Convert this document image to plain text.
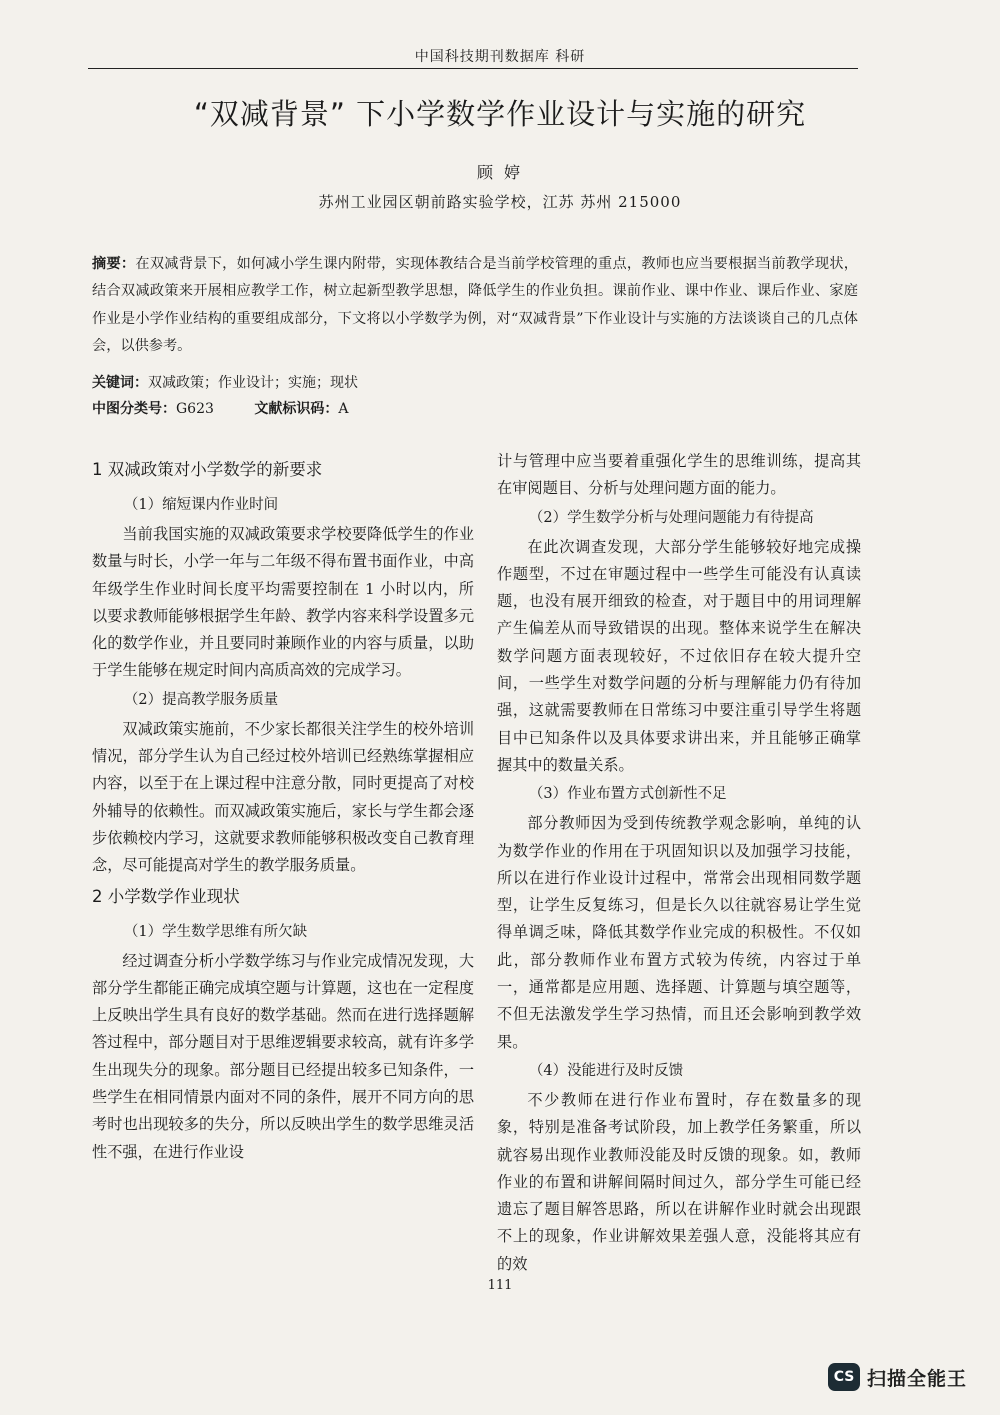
中国科技期刊数据库 科研
“双减背景” 下小学数学作业设计与实施的研究
顾 婷
苏州工业园区朝前路实验学校，江苏 苏州 215000

摘要：在双减背景下，如何减小学生课内附带，实现体教结合是当前学校管理的重点，教师也应当要根据当前教学现状，结合双减政策来开展相应教学工作，树立起新型教学思想，降低学生的作业负担。课前作业、课中作业、课后作业、家庭作业是小学作业结构的重要组成部分，下文将以小学数学为例，对“双减背景”下作业设计与实施的方法谈谈自己的几点体会，以供参考。

关键词：双减政策；作业设计；实施；现状
中图分类号：G623	文献标识码：A

1 双减政策对小学数学的新要求

（1）缩短课内作业时间

当前我国实施的双减政策要求学校要降低学生的作业数量与时长，小学一年与二年级不得布置书面作业，中高年级学生作业时间长度平均需要控制在 1 小时以内，所以要求教师能够根据学生年龄、教学内容来科学设置多元化的数学作业，并且要同时兼顾作业的内容与质量，以助于学生能够在规定时间内高质高效的完成学习。

（2）提高教学服务质量

双减政策实施前，不少家长都很关注学生的校外培训情况，部分学生认为自己经过校外培训已经熟练掌握相应内容，以至于在上课过程中注意分散，同时更提高了对校外辅导的依赖性。而双减政策实施后，家长与学生都会逐步依赖校内学习，这就要求教师能够积极改变自己教育理念，尽可能提高对学生的教学服务质量。

2 小学数学作业现状

（1）学生数学思维有所欠缺

经过调查分析小学数学练习与作业完成情况发现，大部分学生都能正确完成填空题与计算题，这也在一定程度上反映出学生具有良好的数学基础。然而在进行选择题解答过程中，部分题目对于思维逻辑要求较高，就有许多学生出现失分的现象。部分题目已经提出较多已知条件，一些学生在相同情景内面对不同的条件，展开不同方向的思考时也出现较多的失分，所以反映出学生的数学思维灵活性不强，在进行作业设

计与管理中应当要着重强化学生的思维训练，提高其在审阅题目、分析与处理问题方面的能力。

（2）学生数学分析与处理问题能力有待提高

在此次调查发现，大部分学生能够较好地完成操作题型，不过在审题过程中一些学生可能没有认真读题，也没有展开细致的检查，对于题目中的用词理解产生偏差从而导致错误的出现。整体来说学生在解决数学问题方面表现较好，不过依旧存在较大提升空间，一些学生对数学问题的分析与理解能力仍有待加强，这就需要教师在日常练习中要注重引导学生将题目中已知条件以及具体要求讲出来，并且能够正确掌握其中的数量关系。

（3）作业布置方式创新性不足

部分教师因为受到传统教学观念影响，单纯的认为数学作业的作用在于巩固知识以及加强学习技能，所以在进行作业设计过程中，常常会出现相同数学题型，让学生反复练习，但是长久以往就容易让学生觉得单调乏味，降低其数学作业完成的积极性。不仅如此，部分教师作业布置方式较为传统，内容过于单一，通常都是应用题、选择题、计算题与填空题等，不但无法激发学生学习热情，而且还会影响到教学效果。

（4）没能进行及时反馈

不少教师在进行作业布置时，存在数量多的现象，特别是准备考试阶段，加上教学任务繁重，所以就容易出现作业教师没能及时反馈的现象。如，教师作业的布置和讲解间隔时间过久，部分学生可能已经遗忘了题目解答思路，所以在讲解作业时就会出现跟不上的现象，作业讲解效果差强人意，没能将其应有的效

111
CS 扫描全能王
